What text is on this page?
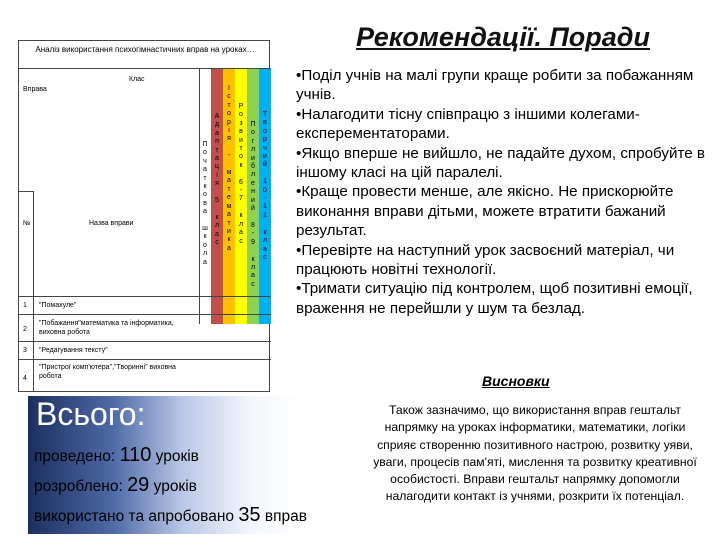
Аналіз використання психогімнастичних вправ на уроках…
П
о
ч
а
т
к
о
в
а

ш
к
о
л
а
А
д
а
п
т
а
ц
і
я

5

к
л
а
с
І
с
т
о
р
і
я

-

м
а
т
е
м
а
т
и
к
а
Р
о
з
в
и
т
о
к

6
-
7

к
л
а
с
П
о
г
л
и
б
л
е
н
и
й

8
-
9

к
л
а
с
Т
в
о
р
ч
и
й

1
0
-
1
1

к
л
а
с
Клас
Вправа
№	Назва вправи
1 "Помахуле"
2
"Побажання"математика та інформатика, виховна робота
3 "Редагування тексту"
4
"Пристрої комп'ютера","Творинні" виховна робота
Всього:
проведено: 110 уроків
розроблено: 29 уроків
використано та апробовано 35 вправ
Рекомендації. Поради
•Поділ учнів на малі групи краще робити за побажанням учнів.
•Налагодити тісну співпрацю з іншими колегами- експерементаторами.
•Якщо вперше не вийшло, не падайте духом, спробуйте в іншому класі на цій паралелі.
•Краще провести менше, але якісно. Не прискорюйте виконання вправи дітьми, можете втратити бажаний результат.
•Перевірте на наступний урок засвоєний матеріал, чи працюють новітні технології.
•Тримати ситуацію під контролем, щоб позитивні емоції, враження не перейшли у шум та безлад.
Висновки
Також зазначимо, що використання вправ гештальт напрямку на уроках інформатики, математики, логіки сприяє створенню позитивного настрою, розвитку уяви, уваги, процесів пам'яті, мислення та розвитку креативної особистості. Вправи гештальт напрямку допомогли налагодити контакт із учнями, розкрити їх потенціал.
